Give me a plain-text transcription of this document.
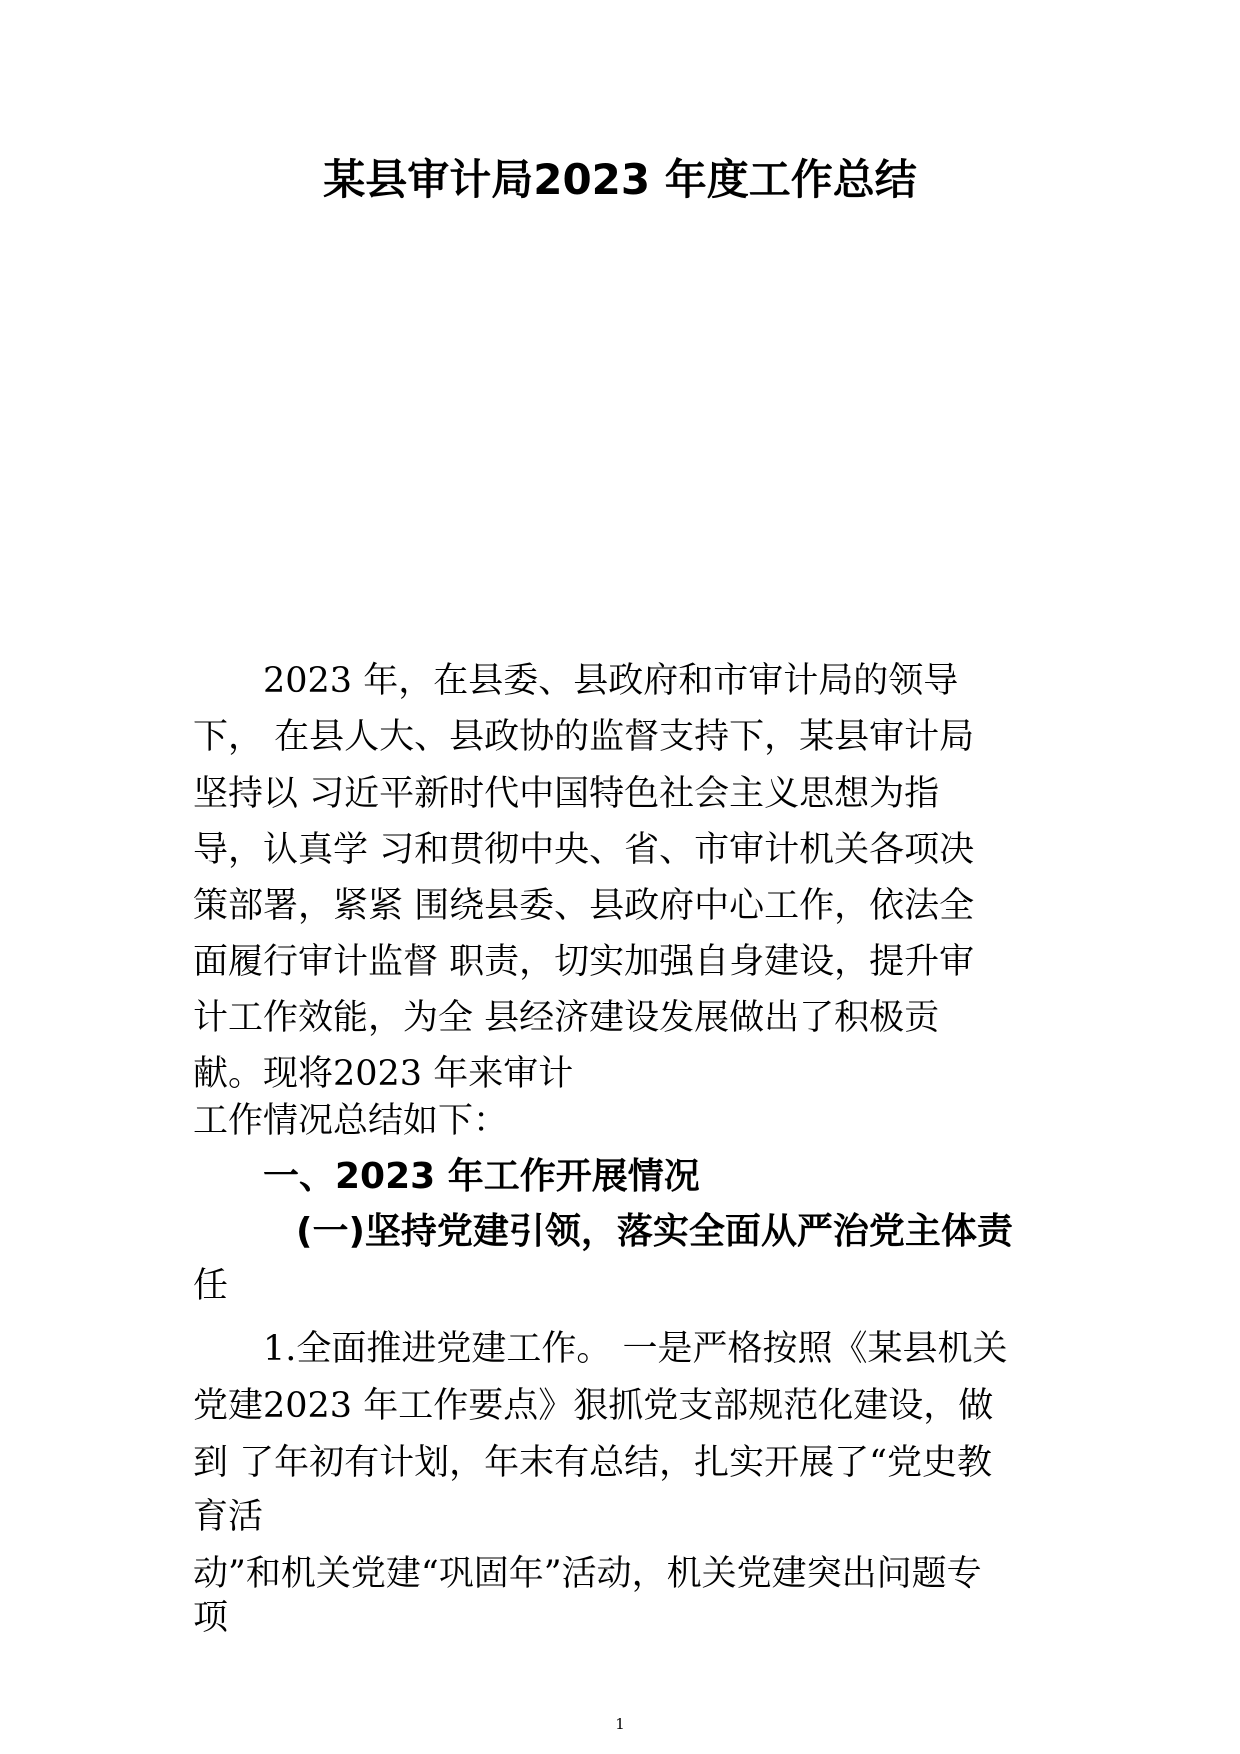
某县审计局2023 年度工作总结

2023 年，在县委、县政府和市审计局的领导

下， 在县人大、县政协的监督支持下，某县审计局

坚持以 习近平新时代中国特色社会主义思想为指

导，认真学 习和贯彻中央、省、市审计机关各项决

策部署，紧紧 围绕县委、县政府中心工作，依法全

面履行审计监督 职责，切实加强自身建设，提升审

计工作效能，为全 县经济建设发展做出了积极贡

献。现将2023 年来审计

工作情况总结如下：

一、2023 年工作开展情况
(一)坚持党建引领，落实全面从严治党主体责

任

1.全面推进党建工作。 一是严格按照《某县机关

党建2023 年工作要点》狠抓党支部规范化建设，做

到 了年初有计划，年末有总结，扎实开展了“党史教

育活

动”和机关党建“巩固年”活动，机关党建突出问题专

项

1
